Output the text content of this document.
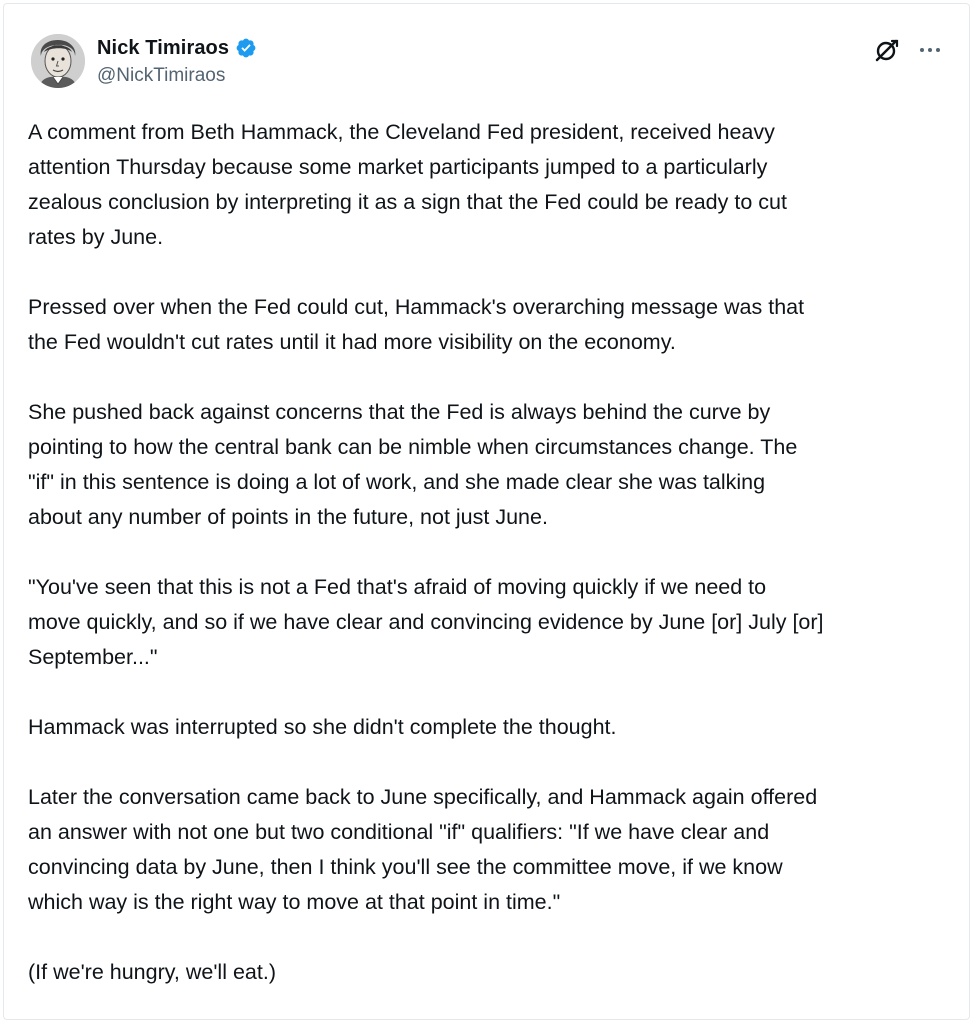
Nick Timiraos
@NickTimiraos

A comment from Beth Hammack, the Cleveland Fed president, received heavy
attention Thursday because some market participants jumped to a particularly
zealous conclusion by interpreting it as a sign that the Fed could be ready to cut
rates by June.

Pressed over when the Fed could cut, Hammack's overarching message was that
the Fed wouldn't cut rates until it had more visibility on the economy.

She pushed back against concerns that the Fed is always behind the curve by
pointing to how the central bank can be nimble when circumstances change. The
"if" in this sentence is doing a lot of work, and she made clear she was talking
about any number of points in the future, not just June.

"You've seen that this is not a Fed that's afraid of moving quickly if we need to
move quickly, and so if we have clear and convincing evidence by June [or] July [or]
September..."

Hammack was interrupted so she didn't complete the thought.

Later the conversation came back to June specifically, and Hammack again offered
an answer with not one but two conditional "if" qualifiers: "If we have clear and
convincing data by June, then I think you'll see the committee move, if we know
which way is the right way to move at that point in time."

(If we're hungry, we'll eat.)
